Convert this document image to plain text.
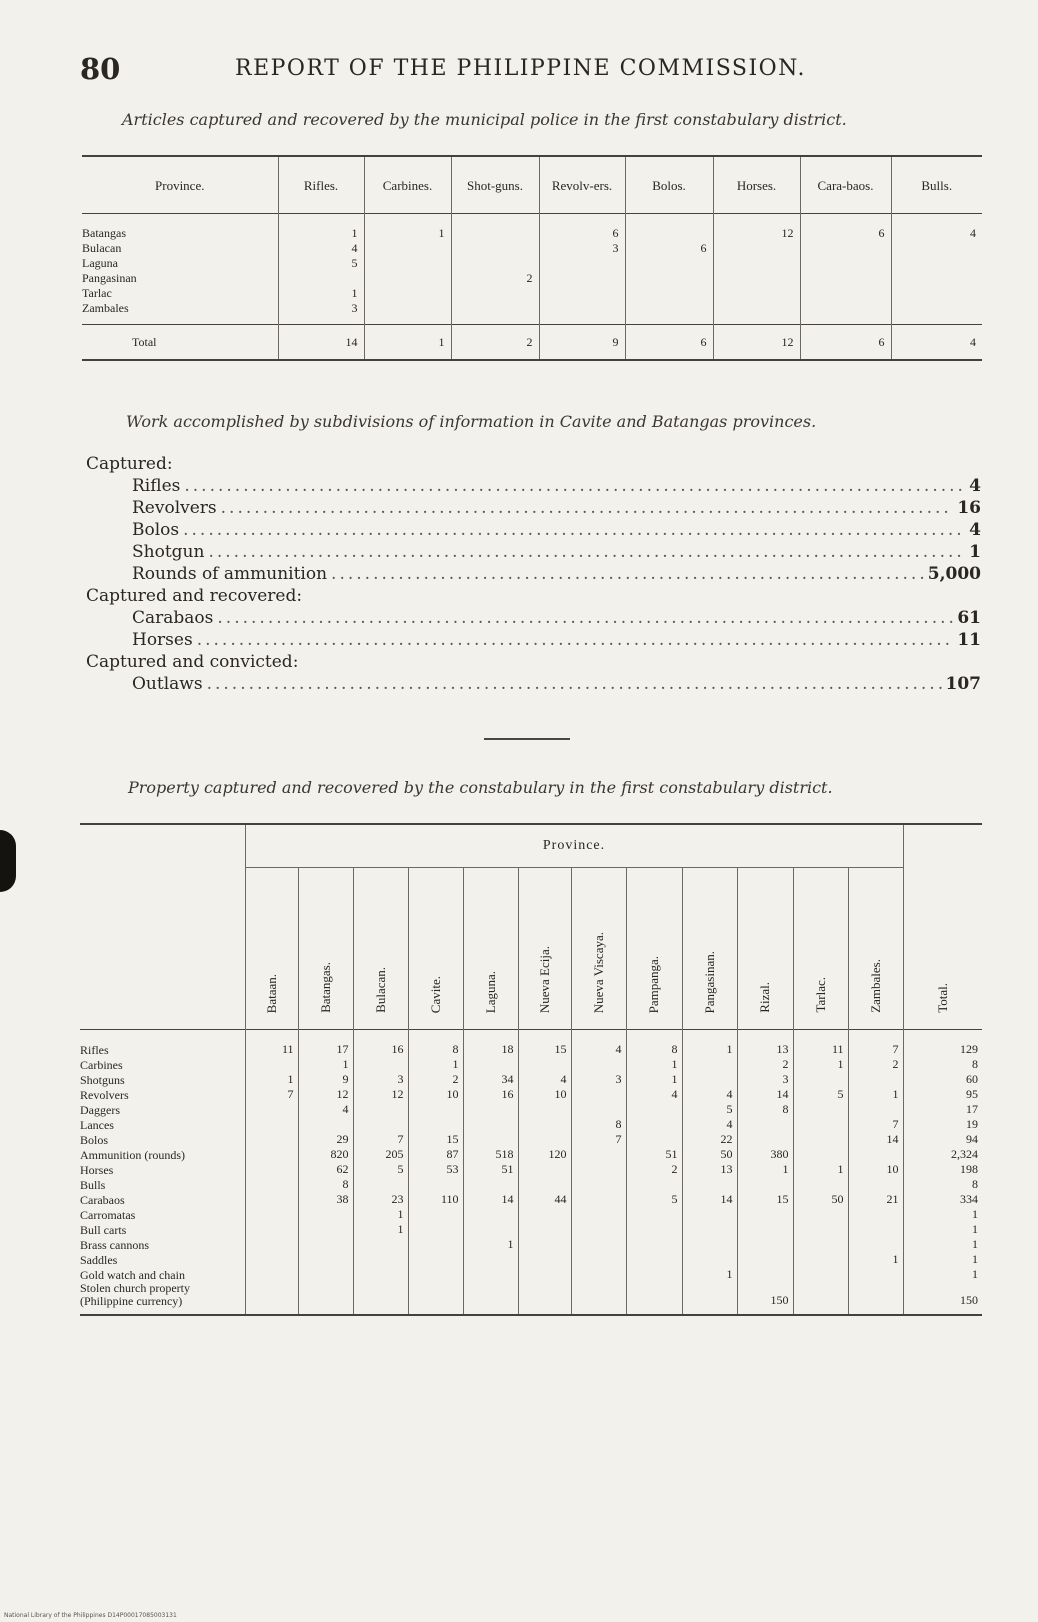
80	REPORT OF THE PHILIPPINE COMMISSION.
Articles captured and recovered by the municipal police in the first constabulary district.
Province.	Rifles.	Carbines.	Shot-guns.	Revolv-ers.	Bolos.	Horses.	Cara-baos.	Bulls.
Batangas	1	1		6		12	6	4
Bulacan	4			3	6			
Laguna	5							
Pangasinan			2					
Tarlac	1							
Zambales	3							
Total	14	1	2	9	6	12	6	4
Work accomplished by subdivisions of information in Cavite and Batangas provinces.
Captured:
Rifles .....	4
Revolvers .....	16
Bolos .....	4
Shotgun .....	1
Rounds of ammunition .....	5,000
Captured and recovered:
Carabaos .....	61
Horses .....	11
Captured and convicted:
Outlaws .....	107
Property captured and recovered by the constabulary in the first constabulary district.
	Province.												Total.
	Bataan.	Batangas.	Bulacan.	Cavite.	Laguna.	Nueva Ecija.	Nueva Viscaya.	Pampanga.	Pangasinan.	Rizal.	Tarlac.	Zambales.	
Rifles	11	17	16	8	18	15	4	8	1	13	11	7	129
Carbines		1		1				1		2	1	2	8
Shotguns	1	9	3	2	34	4	3	1		3			60
Revolvers	7	12	12	10	16	10		4	4	14	5	1	95
Daggers		4							5	8			17
Lances							8		4			7	19
Bolos		29	7	15			7		22			14	94
Ammunition (rounds)		820	205	87	518	120		51	50	380			2,324
Horses		62	5	53	51			2	13	1	1	10	198
Bulls		8											8
Carabaos		38	23	110	14	44		5	14	15	50	21	334
Carromatas			1										1
Bull carts			1										1
Brass cannons					1								1
Saddles												1	1
Gold watch and chain									1				1
Stolen church property (Philippine currency)										150			150
National Library of the Philippines D14P00017085003131
